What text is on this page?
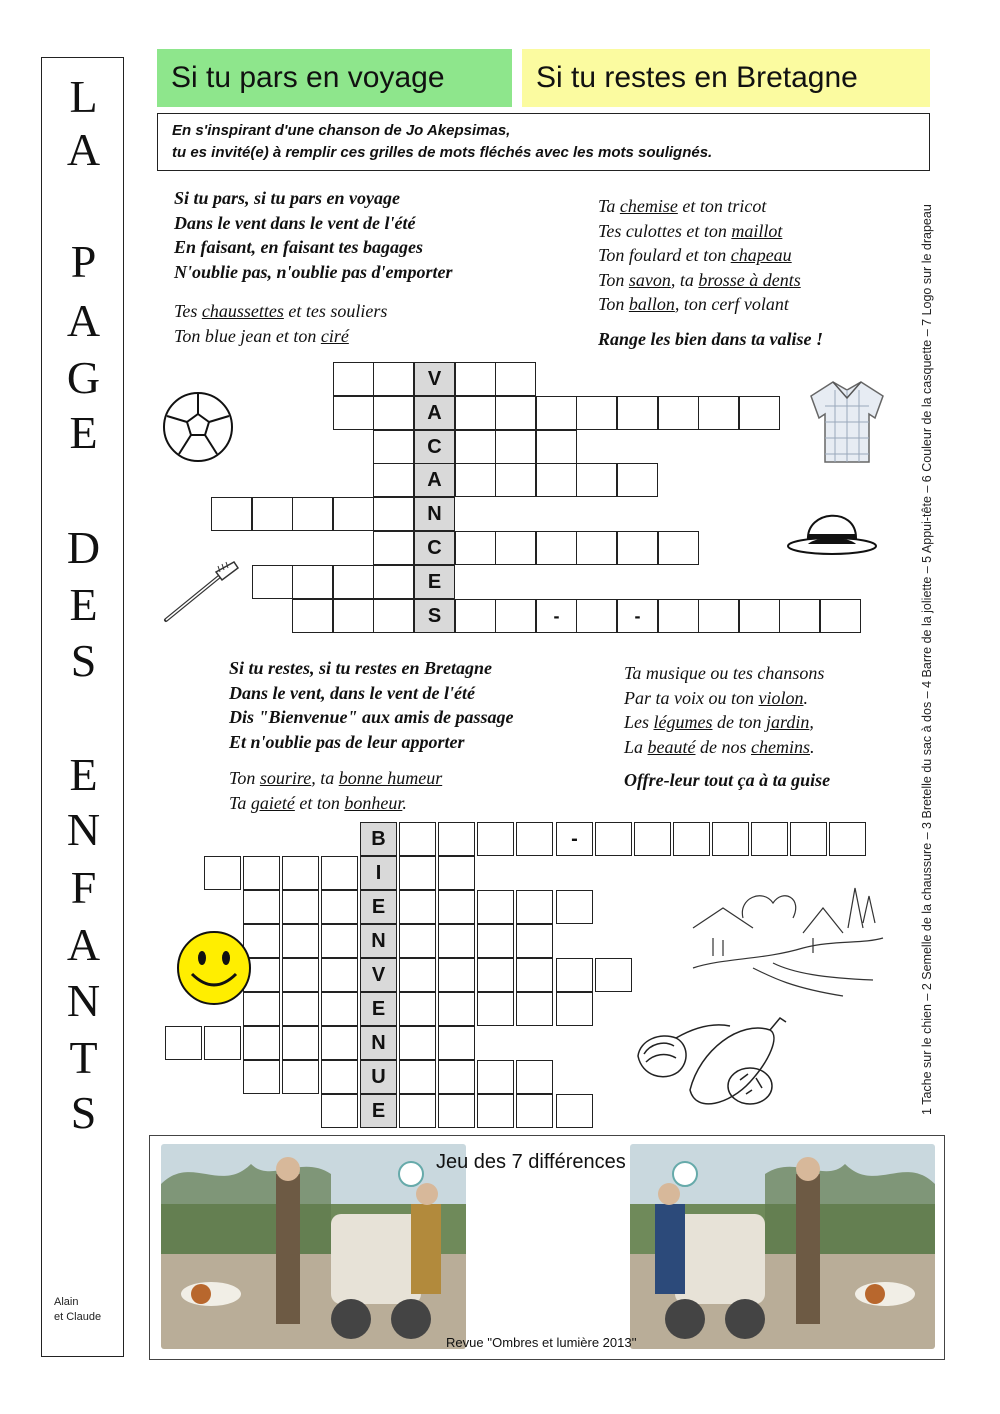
L
A
P
A
G
E
D
E
S
E
N
F
A
N
T
S
Alain
et Claude
Si tu pars en voyage	Si tu restes en Bretagne
En s'inspirant d'une chanson de Jo Akepsimas,
tu es invité(e) à remplir ces grilles de mots fléchés avec les mots soulignés.
Si tu pars, si tu pars en voyage
Dans le vent dans le vent de l'été
En faisant, en faisant tes bagages
N'oublie pas, n'oublie pas d'emporter
Tes chaussettes et tes souliers
Ton blue jean et ton ciré
Ta chemise et ton tricot
Tes culottes et ton maillot
Ton foulard et ton chapeau
Ton savon, ta brosse à dents
Ton ballon, ton cerf volant
Range les bien dans ta valise !
V
A
C
A
N
C
E
S	-	-
Si tu restes, si tu restes en Bretagne
Dans le vent, dans le vent de l'été
Dis "Bienvenue" aux amis de passage
Et n'oublie pas de leur apporter
Ton sourire, ta bonne humeur
Ta gaieté et ton bonheur.
Ta musique ou tes chansons
Par ta voix ou ton violon.
Les légumes de ton jardin,
La beauté de nos chemins.
Offre-leur tout ça à ta guise
B	-
I
E
N
V
E
N
U
E	1 Tache sur le chien – 2 Semelle de la chaussure – 3 Bretelle du sac à dos – 4 Barre de la joliette – 5 Appui-tête – 6 Couleur de la casquette – 7 Logo sur le drapeau
Jeu des 7 différences
Revue ''Ombres et lumière 2013''
